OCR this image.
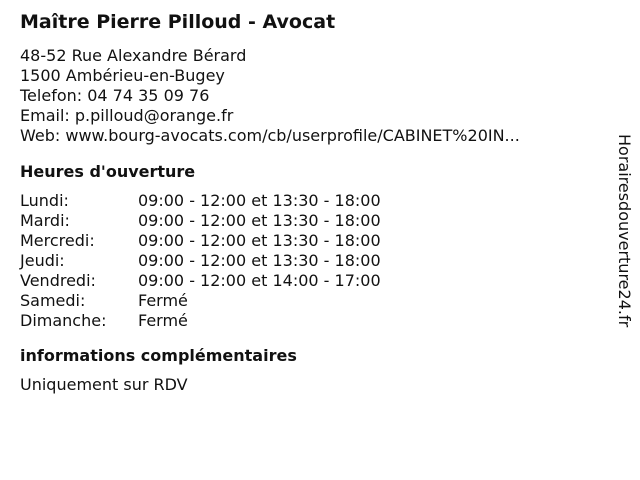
Maître Pierre Pilloud - Avocat
48-52 Rue Alexandre Bérard
1500 Ambérieu-en-Bugey
Telefon: 04 74 35 09 76
Email: p.pilloud@orange.fr
Web: www.bourg-avocats.com/cb/userprofile/CABINET%20IN...
Heures d'ouverture
Lundi:	09:00 - 12:00 et 13:30 - 18:00
Mardi:	09:00 - 12:00 et 13:30 - 18:00
Mercredi:	09:00 - 12:00 et 13:30 - 18:00
Jeudi:	09:00 - 12:00 et 13:30 - 18:00
Vendredi:	09:00 - 12:00 et 14:00 - 17:00
Samedi:	Fermé
Dimanche:	Fermé
informations complémentaires
Uniquement sur RDV
Horairesdouverture24.fr
